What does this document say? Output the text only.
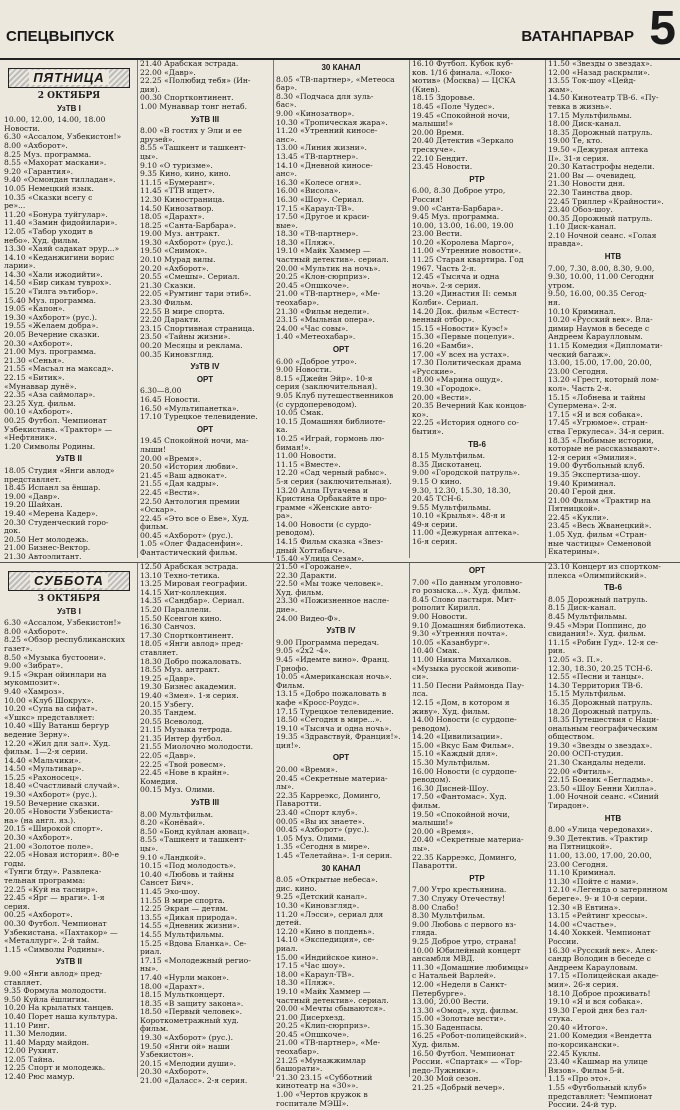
СПЕЦВЫПУСК	ВАТАНПАРВАР 5
ПЯТНИЦА
2 ОКТЯБРЯ
УзТВ I
10.00, 12.00, 14.00, 18.00
Новости.
6.30 «Ассалом, Узбекистон!»
8.00 «Ахборот».
8.25 Муз. программа.
8.55 «Махорат маскани».
9.20 «Гарантия».
9.40 «Осмондан тилладан».
10.05 Немецкий язык.
10.35 «Сказки всегу с
ре»...
11.20 «Бонура туйгулар».
11.40 «Замин фидойилари».
12.05 «Табор уходит в
небо». Худ. фильм.
13.30 «Хаяй садакат эруp...»
14.10 «Кеданжигини вориc
ларии».
14.30 «Хали ижодийти».
14.50 «Бир сикам туврох».
15.20 «Тилга эътибор».
15.40 Муз. программа.
19.05 «Капон».
19.30 «Ахборот» (рус.).
19.55 «Желаем добра».
20.05 Вечерние сказки.
20.30 «Ахборот».
21.00 Муз. программа.
21.30 «Сенья».
21.55 «Масъал на максад».
22.15 «Битик».
«Мунаввар дунё».
22.35 «Аза саймолар».
23.25 Худ. фильм.
00.10 «Ахборот».
00.25 Футбол. Чемпионат
Узбекистана. «Трактор» —
«Нефтяник».
1.20 Символы Родины.
УзТВ II
18.05 Студия «Янги авлод»
представляет.
18.45 Испанл за ёншар.
19.00 «Давр».
19.20 Шайхан.
19.40 «Мерена Кадер».
20.30 Студенческий горо-
док.
20.50 Нет молодежь.
21.00 Бизнес-Вектор.
21.30 Автоэлитант.
21.40 Арабская эстрада.
22.00 «Давр».
22.25 «Полюбид тебя» (Ин-
дия).
00.30 Спортконтинент.
1.00 Мунаввар тонг нетаб.
УзТВ III
8.00 «В гостях у Эли и ее
друзей».
8.55 «Ташкент и ташкент-
цы».
9.10 «О туризме».
9.35 Кино, кино, кино.
11.15 «Бумеранг».
11.45 «ТТВ ищет».
12.30 Киностраница.
14.50 Кинозатвор.
18.05 «Дарахт».
18.25 «Санта-Барбара».
19.00 Муз. антракт.
19.30 «Ахборот» (рус.).
19.50 «Снимок».
20.10 Мурад вилы.
20.20 «Ахборот».
20.55 «Смешы». Сериал.
21.30 Сказки.
22.05 «Румтинг тари этиб».
23.30 Фильм.
22.55 В мире спорта.
22.20 Даракти.
23.15 Спортивная страница.
23.50 «Тайны жизни».
00.20 Месяцы и реклама.
00.35 Киновзгляд.
УзТВ IV
ОРТ
6.30—8.00
16.45 Новости.
16.50 «Мультипанетка».
17.10 Турецкое телевидение.
ОРТ
19.45 Спокойной ночи, ма-
лыши!
20.00 «Время».
20.50 «История любви».
21.45 «Ваш адвокат».
21.55 «Дая кадры».
22.45 «Вести».
22.50 Антология премии
«Оскар».
22.45 «Это все о Еве», Худ.
фильм.
00.45 «Ахборот» (рус.).
1.05 «Олег Фадасенфин».
Фантастический фильм.
30 КАНАЛ
8.05 «ТВ-партнер», «Метеоса
бар».
8.30 «Подчаса для зуль-
бас».
9.00 «Кинозатвор».
10.30 «Тропическая жара».
11.20 «Утренний киносе-
анс».
13.00 «Линия жизни».
13.45 «ТВ-партнер».
14.10 «Дневной киносе-
анс».
16.30 «Колесе огня».
16.00 «Висола».
16.30 «Шоу». Сериал.
17.15 «Караул-ТВ».
17.50 «Другое и краси-
вые».
18.30 «ТВ-партнер».
18.30 «Пляж».
19.10 «Майк Хаммер —
частный детектив». сериал.
20.00 «Мультик на ночь».
20.25 «Клон-сюрприз».
20.45 «Опшкоче».
21.00 «ТВ-партнер», «Ме-
теохабар».
21.30 «Фильм недели».
23.15 «Мыльная опера».
24.00 «Час совы».
1.40 «Метеохабар».
ОРТ
6.00 «Доброе утро».
9.00 Новости.
8.15 «Джейн Эйр». 10-я
серия (заключительная).
9.05 Клуб путешественников
(с сурдопереводом).
10.05 Смак.
10.15 Домашняя библиоте-
ка.
10.25 «Играй, гормонь лю-
бимая!».
11.00 Новости.
11.15 «Вместе».
12.20 «Сад черный рабыс».
5-я серия (заключительная).
13.20 Алла Пугачева и
Кристина Орбакайте в про-
грамме «Женские авто-
ра».
14.00 Новости (с сурдо-
реводом).
14.15 Фильм сказка «Звез-
дный Хоттабыч».
15.40 «Улица Сезам».
16.10 Футбол. Кубок куб-
ков. 1/16 финала. «Локо-
мотив» (Москва) — ЦСКА
(Киев).
18.15 Здоровье.
18.45 «Поле Чудес».
19.45 «Спокойной ночи,
малыши!»
20.00 Время.
20.40 Детектив «Зеркало
трескуче».
22.10 Бендит.
23.45 Новости.
РТР
6.00, 8.30 Доброе утро,
Россия!
9.00 «Санта-Барбара».
9.45 Муз. программа.
10.00, 13.00, 16.00, 19.00
23.00 Вести.
10.20 «Королева Марго»,
11.00 «Утренние новости».
11.25 Старая квартира. Год
1967. Часть 2-я.
12.45 «Тысяча и одна
ночь». 2-я серия.
13.20 «Династия II: семья
Колби». Сериал.
14.20 Док. фильм «Естест-
венный отбор».
15.15 «Новости» Куэс!»
15.30 «Первые поцелуи».
16.20 «Бамби».
17.00 «У всех на устах».
17.30 Политическая драма
«Русские».
18.00 «Марина ощуд».
19.30 «Городок».
20.00 «Вести».
20.35 Вечерний Как концов-
ко».
22.25 «История одного со-
бытия».
ТВ-6
8.15 Мультфильм.
8.35 Дискотанец.
9.00 «Городской патруль».
9.15 О кино.
9.30, 12.30, 15.30, 18.30,
20.45 ТСН-6.
9.55 Мультфильмы.
10.10 «Крылья». 48-я и
49-я серии.
11.00 «Дежурная аптека».
16-я серия.
11.50 «Звезды о звездах».
12.00 «Назад раскрыли».
13.55 Ток-шоу «Цейд-
жам».
14.50 Кинотеатр ТВ-6. «Пу-
тевка в жизнь».
17.15 Мультфильмы.
18.00 Диск-канал.
18.35 Дорожный патруль.
19.00 Те, кто.
19.50 «Дежурная аптека
II». 31-я серия.
20.30 Катастрофы недели.
21.00 Вы — очевидец.
21.30 Новости дня.
22.30 Таинства двор.
22.45 Триллер «Крайности».
23.40 Обоз-шоу.
00.35 Дорожный патруль.
1.10 Диск-канал.
2.10 Ночной сеанс. «Голая
правда».
НТВ
7.00, 7.30, 8.00, 8.30, 9.00,
9.30, 10.00, 11.00 Сегодня
утром.
9.50, 16.00, 00.35 Сегод-
ня.
10.10 Криминал.
10.20 «Русский век». Вла-
димир Наумов в беседе с
Андреем Караулловым.
11.15 Комедия «Дипломати-
ческий багаж».
13.00, 15.00, 17.00, 20.00,
23.00 Сегодня.
13.20 «Грест, который лом-
кол». Часть 2-я.
15.15 «Лобнева и тайны
Супермена». 2-я.
17.15 «Я и вся собака».
17.45 «Угрюмое». стран-
ства Геркулеса». 34-я серия.
18.35 «Любимые истории,
которые не рассказывают».
12-я серия «Эмилия».
19.00 Футбольный клуб.
19.35 Экспертиза-шоу.
19.40 Криминал.
20.40 Герой дня.
21.00 Фильм «Трактир на
Пятницкой».
22.45 «Кукли».
23.45 «Весь Жванецкий».
1.05 Худ. фильм «Стран-
ные частицы» Семеновой
Екатерины».
СУББОТА
3 ОКТЯБРЯ
УзТВ I
6.30 «Ассалом, Узбекистон!»
8.00 «Ахборот».
8.25 «Обзор республиканских
газет».
8.50 «Музыка бустоони».
9.00 «Зибрат».
9.15 «Экран ойинлари на
мукомпозит».
9.40 «Хамроз».
10.00 «Клуб Шокрух».
10.20 «Супа ва сифат».
«Ушкс» представляет:
10.40 «Шу Ватанш бергур
ведение Зерну».
12.20 «Жил для зал». Худ.
фильм. 1—2-я серии.
14.40 «Мальчики».
14.50 «Мультивар».
15.25 «Рахоносец».
18.40 «Счастливый случай».
19.30 «Ахборот» (рус.).
19.50 Вечерние сказки.
20.05 «Новости Узбекиста-
на» (на англ. яз.).
20.15 «Широкой спорт».
20.30 «Ахборот».
21.00 «Золотое поле».
22.05 «Новая история». 80-е
годы.
«Тунги бтду». Развлека-
тельная программа:
22.25 «Куй на таснир».
22.45 «Ярг — враги». 1-я
серия.
00.25 «Ахборот».
00.30 Футбол. Чемпионат
Узбекистана. «Пахтакор» —
«Металлург». 2-й тайм.
1.15 «Символы Родины».
УзТВ II
9.00 «Янги авлод» пред-
ставляет.
9.35 Формула молодости.
9.50 Куйла ёшлигим.
10.20 На крылатых танцев.
10.40 Порет наша культура.
11.10 Ринг.
11.30 Мелодии.
11.40 Марду майдон.
12.00 Рухият.
12.05 Тайна.
12.25 Спорт и молодежь.
12.40 Рюс мамур.
12.50 Арабская эстрада.
13.10 Техно-тетика.
13.25 Мировая географии.
14.15 Хит-коллекция.
14.35 «Сандбар». Сериал.
15.20 Параллели.
15.50 Ксенгон кино.
16.30 Санчоз.
17.30 Спортконтинент.
18.05 «Янги авлод» пред-
ставляет.
18.30 Добро пожаловать.
18.55 Муз. антракт.
19.25 «Давр».
19.30 Бизнес академия.
19.40 «Змея». 1-я серия.
20.15 Узбегу.
20.35 Тандем.
20.55 Всеволод.
21.15 Музыка тетрода.
21.35 Интер футбол.
21.55 Миолочно молодости.
22.05 «Давр».
22.25 «Твой ровесм».
22.45 «Нове в крайн».
Комедия.
00.15 Муз. Олими.
УзТВ III
8.00 Мультфильм.
8.20 «Конёвай».
8.50 «Бонд куйлан аювац».
8.55 «Ташкент и ташкент-
цы».
9.10 «Ландкой».
10.15 «Под молодость».
10.40 «Любовь и тайны
Сансет Бич».
11.45 Эхо-шоу.
11.55 В мире спорта.
12.25 Экран — детям.
13.55 «Дикая природа».
14.55 «Дневник жизни».
14.55 Мультфильмы.
15.25 «Вдова Бланка». Се-
риал.
17.15 «Молодежный регио-
ны».
17.40 «Нурли макон».
18.00 «Дарахт».
18.15 Мультконцерт.
18.35 «В защиту закона».
18.50 «Первый человек».
Короткометражный худ.
фильм.
19.30 «Ахборот» (рус.).
19.50 «Янги ой» наши
Узбекистон».
20.15 «Мелодии души».
20.30 «Ахборот».
21.00 «Даласс». 2-я серия.
21.50 «Горожане».
22.30 Даракти.
22.50 «Мы тоже человек».
Худ. фильм.
23.30 «Пожизненное насле-
дие».
24.00 Видео-Ф».
УзТВ IV
9.00 Программа передач.
9.05 «2x2 -4».
9.45 «Идемте вино». Франц.
Грнофо.
10.05 «Американская ночь».
Фильм.
13.15 «Добро пожаловать в
кафе «Кросс-Роудс».
17.15 Турецкое телевидение.
18.50 «Сегодня в мире...».
19.10 «Тысяча и одна ночь».
19.35 «Здравствуй, Франция!».
ция!».
ОРТ
20.00 «Время».
20.45 «Секретные материа-
лы».
22.35 Карреэкс, Домингo,
Паваротти.
23.40 «Спорт клуб».
00.05 «Вы их знаете».
00.45 «Ахборот» (рус.).
1.05 Муз. Олими.
1.35 «Сегодня в мире».
1.45 «Телетайна». 1-я серия.
30 КАНАЛ
8.05 «Открытые небеса».
дис. кино.
9.25 «Детский канал».
10.30 «Киновзгляд».
11.20 «Лэсси», сериал для
детей.
12.20 «Кино в полдень».
14.10 «Экспедиция», се-
риал.
15.00 «Индийское кино».
17.15 «Час шоу».
18.00 «Караул-ТВ».
18.30 «Пляж».
19.10 «Майк Хаммер —
частный детектив». сериал.
20.00 «Мечты сбываются».
21.00 Дисерхезд.
20.25 «Клип-сюрприз».
20.45 «Опшкоче».
21.00 «ТВ-партнер», «Ме-
теохабар».
21.25 «Мунажжимлар
башорати».
21.30 23.15 «Субботний
кинотеатр на «30»».
1.00 «Чертов кружок в
госпитале МЭШ».
ОРТ
7.00 «По данным уголовно-
го розыска...». Худ. фильм.
8.45 Слово пастыря. Мит-
рополит Кирилл.
9.00 Новости.
9.10 Домашняя библиотека.
9.30 «Утренняя почта».
10.05 «Казанбург».
10.40 Смак.
11.00 Никита Михалков.
«Музыка русской живопи-
си».
11.50 Песни Раймонда Пау-
лса.
12.15 «Дом, в котором я
живу». Худ. фильм.
14.00 Новости (с сурдопе-
реводом).
14.20 «Цивилизации».
15.00 «Вкус Бам Фильм».
15.10 «Каждый для».
15.30 Мультфильм.
16.00 Новости (с сурдопе-
реводом).
16.30 Дисней-Шоу.
17.50 «Фантомас». Худ.
фильм.
19.50 «Спокойной ночи,
малыши!»
20.00 «Время».
20.40 «Секретные материа-
лы».
22.35 Карреэкс, Домингo,
Паваротти.
РТР
7.00 Утро крестьянина.
7.30 Служу Отечеству!
8.00 Слабо!
8.30 Мультфильм.
9.00 Любовь с первого вз-
гляда.
9.25 Доброе утро, страна!
10.00 Юбилейный концерт
ансамбля МВД.
11.30 «Домашние любимцы»
с Натальей Варлей».
12.00 «Неделя в Санкт-
Петербурге».
13.00, 20.00 Вести.
13.30 «Омод», худ. фильм.
15.00 «Золотые вести».
15.30 Баденпасы.
16.25 «Робот-полицейский».
Худ. фильм.
16.50 Футбол. Чемпионат
России. «Спартак» — «Тор-
педо-Лужники».
20.30 Мой сезон.
21.25 «Добрый вечер».
23.10 Концерт из спортком-
плекса «Олимпийский».
ТВ-6
8.05 Дорожный патруль.
8.15 Диск-канал.
8.45 Мультфильмы.
9.45 «Мэри Поппинс, до
свидания!». Худ. фильм.
11.15 «Робин Гуд». 12-я се-
рия.
12.05 «3. П.».
12.30, 18.30, 20.25 ТСН-6.
12.55 «Песни и танцы».
14.30 Территория ТВ-6.
15.15 Мультфильм.
16.35 Дорожный патруль.
18.20 Дорожный патруль.
18.35 Путешествия с Наци-
ональным географическим
обществом.
19.30 «Звезды о звездах».
20.00 ОСП-студия.
21.30 Скандалы недели.
22.00 «Фитиль».
22.15 Боевик «Бегладмь».
23.50 «Шоу Бенни Хилла».
1.00 Ночной сеанс. «Синий
Тирадон».
НТВ
8.00 «Улица чередовахи».
9.30 Детектив. «Трактир
на Пятницкой».
11.00, 13.00, 17.00, 20.00,
23.00 Сегодня.
11.10 Криминал.
11.30 «Пойте с нами».
12.10 «Легенда о затерянном
береге». 9- и 10-я серии.
12.30 «В Евтина».
13.15 «Рейтинг хрессы».
14.00 «Счастье».
14.40 Хоккей. Чемпионат
России.
16.30 «Русский век». Алек-
сандр Володин в беседе с
Андреем Карауловым.
17.15 «Полицейская акаде-
мия». 26-я серия.
18.10 Доброе проживать!
19.10 «Я и вся собака».
19.30 Герой дня без гал-
стука.
20.40 «Итого».
21.00 Комедия «Вендетта
по-корсикански».
22.45 Куклы.
23.40 «Кашмар на улице
Вязов». Фильм 5-й.
1.15 «Про это».
1.55 «Футбольный клуб»
представляет: Чемпионат
России. 24-й тур.
